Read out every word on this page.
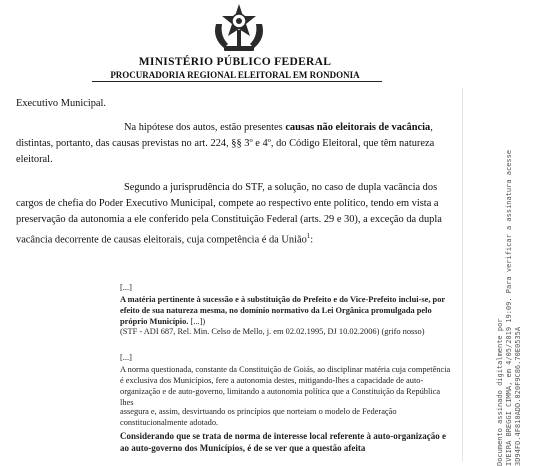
MINISTÉRIO PÚBLICO FEDERAL
PROCURADORIA REGIONAL ELEITORAL EM RONDONIA
Executivo Municipal.
Na hipótese dos autos, estão presentes causas não eleitorais de vacância, distintas, portanto, das causas previstas no art. 224, §§ 3º e 4º, do Código Eleitoral, que têm natureza eleitoral.
Segundo a jurisprudência do STF, a solução, no caso de dupla vacância dos cargos de chefia do Poder Executivo Municipal, compete ao respectivo ente político, tendo em vista a preservação da autonomia a ele conferido pela Constituição Federal (arts. 29 e 30), a exceção da dupla vacância decorrente de causas eleitorais, cuja competência é da União$^1$:
[...]
A matéria pertinente à sucessão e à substituição do Prefeito e do Vice-Prefeito inclui-se, por efeito de sua natureza mesma, no domínio normativo da Lei Orgânica promulgada pelo próprio Município. [...])
(STF - ADI 687, Rel. Min. Celso de Mello, j. em 02.02.1995, DJ 10.02.2006) (grifo nosso)
[...]
A norma questionada, constante da Constituição de Goiás, ao disciplinar matéria cuja competência é exclusiva dos Municípios, fere a autonomia destes, mitigando-lhes a capacidade de auto-organização e de auto-governo, limitando a autonomia política que a Constituição da República lhes
assegura e, assim, desvirtuando os princípios que norteiam o modelo de Federação constitucionalmente adotado.
Considerando que se trata de norma de interesse local referente à auto-organização e ao auto-governo dos Municípios, é de se ver que a questão afeita	Documento assinado digitalmente por IVEIRA BREGGI CIMMA, em 4/05/2019 19:09. Para verificar a assinatura acesse 3D94FD.4F810ADD.020F9C86.70E0535A
